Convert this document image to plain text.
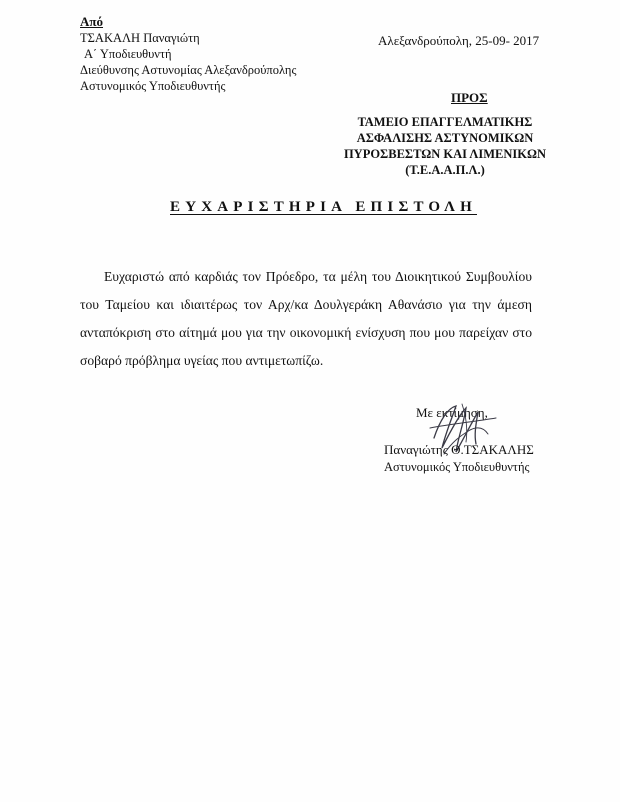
Από
ΤΣΑΚΑΛΗ Παναγιώτη
Α΄ Υποδιευθυντή
Διεύθυνσης Αστυνομίας Αλεξανδρούπολης
Αστυνομικός Υποδιευθυντής
Αλεξανδρούπολη, 25-09- 2017
ΠΡΟΣ
ΤΑΜΕΙΟ ΕΠΑΓΓΕΛΜΑΤΙΚΗΣ
ΑΣΦΑΛΙΣΗΣ ΑΣΤΥΝΟΜΙΚΩΝ
ΠΥΡΟΣΒΕΣΤΩΝ ΚΑΙ ΛΙΜΕΝΙΚΩΝ
(Τ.Ε.Α.Α.Π.Λ.)
ΕΥΧΑΡΙΣΤΗΡΙΑ ΕΠΙΣΤΟΛΗ
Ευχαριστώ από καρδιάς τον Πρόεδρο, τα μέλη του Διοικητικού Συμβουλίου
του Ταμείου και ιδιαιτέρως τον Αρχ/κα Δουλγεράκη Αθανάσιο για την άμεση
ανταπόκριση στο αίτημά μου για την οικονομική ενίσχυση που μου παρείχαν στο
σοβαρό πρόβλημα υγείας που αντιμετωπίζω.
Με εκτίμηση,
Παναγιώτης Θ.ΤΣΑΚΑΛΗΣ
Αστυνομικός Υποδιευθυντής
